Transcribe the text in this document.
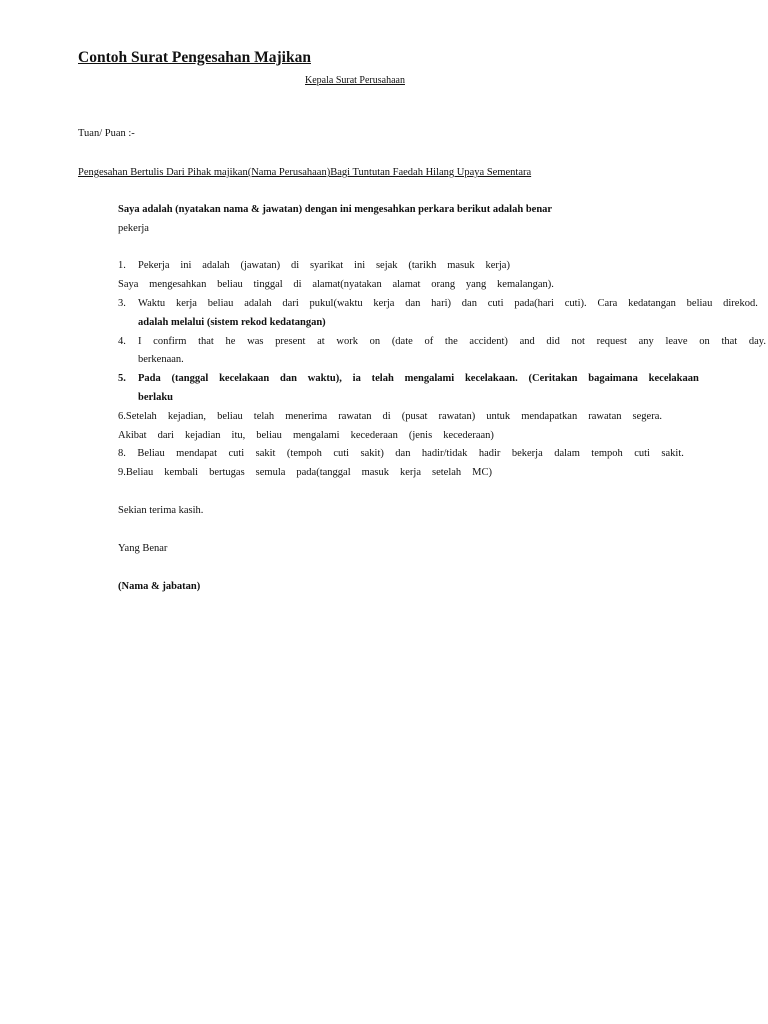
Contoh Surat Pengesahan Majikan
Kepala Surat Perusahaan
Tuan/ Puan :-
Pengesahan Bertulis Dari Pihak majikan(Nama Perusahaan)Bagi Tuntutan Faedah Hilang Upaya Sementara
Saya adalah (nyatakan nama & jawatan) dengan ini mengesahkan perkara berikut adalah benar
pekerja
1. Pekerja ini adalah (jawatan) di syarikat ini sejak (tarikh masuk kerja)
Saya mengesahkan beliau tinggal di alamat(nyatakan alamat orang yang kemalangan).
3. Waktu kerja beliau adalah dari pukul(waktu kerja dan hari) dan cuti pada(hari cuti). Cara kedatangan beliau direkod.
adalah melalui (sistem rekod kedatangan)
4. I confirm that he was present at work on (date of the accident) and did not request any leave on that day.
berkenaan.
5. Pada (tanggal kecelakaan dan waktu), ia telah mengalami kecelakaan. (Ceritakan bagaimana kecelakaan
berlaku
6.Setelah kejadian, beliau telah menerima rawatan di (pusat rawatan) untuk mendapatkan rawatan segera.
Akibat dari kejadian itu, beliau mengalami kecederaan (jenis kecederaan)
8. Beliau mendapat cuti sakit (tempoh cuti sakit) dan hadir/tidak hadir bekerja dalam tempoh cuti sakit.
9.Beliau kembali bertugas semula pada(tanggal masuk kerja setelah MC)
Sekian terima kasih.
Yang Benar
(Nama & jabatan)
